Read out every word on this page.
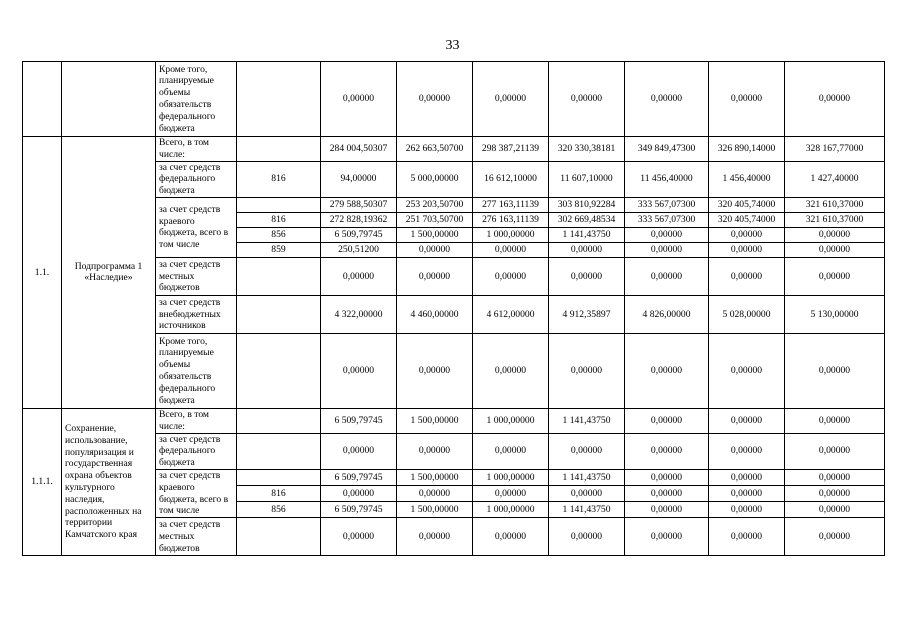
33
		Кроме того, планируемые объемы обязательств федерального бюджета		0,00000	0,00000	0,00000	0,00000	0,00000	0,00000	0,00000
1.1.	Подпрограмма 1 «Наследие»	Всего, в том числе:		284 004,50307	262 663,50700	298 387,21139	320 330,38181	349 849,47300	326 890,14000	328 167,77000
		за счет средств федерального бюджета	816	94,00000	5 000,00000	16 612,10000	11 607,10000	11 456,40000	1 456,40000	1 427,40000
		за счет средств краевого бюджета, всего в том числе		279 588,50307	253 203,50700	277 163,11139	303 810,92284	333 567,07300	320 405,74000	321 610,37000
			816	272 828,19362	251 703,50700	276 163,11139	302 669,48534	333 567,07300	320 405,74000	321 610,37000
			856	6 509,79745	1 500,00000	1 000,00000	1 141,43750	0,00000	0,00000	0,00000
			859	250,51200	0,00000	0,00000	0,00000	0,00000	0,00000	0,00000
		за счет средств местных бюджетов		0,00000	0,00000	0,00000	0,00000	0,00000	0,00000	0,00000
		за счет средств внебюджетных источников		4 322,00000	4 460,00000	4 612,00000	4 912,35897	4 826,00000	5 028,00000	5 130,00000
		Кроме того, планируемые объемы обязательств федерального бюджета		0,00000	0,00000	0,00000	0,00000	0,00000	0,00000	0,00000
1.1.1.	Сохранение, использование, популяризация и государственная охрана объектов культурного наследия, расположенных на территории Камчатского края	Всего, в том числе:		6 509,79745	1 500,00000	1 000,00000	1 141,43750	0,00000	0,00000	0,00000
		за счет средств федерального бюджета		0,00000	0,00000	0,00000	0,00000	0,00000	0,00000	0,00000
		за счет средств краевого бюджета, всего в том числе		6 509,79745	1 500,00000	1 000,00000	1 141,43750	0,00000	0,00000	0,00000
			816	0,00000	0,00000	0,00000	0,00000	0,00000	0,00000	0,00000
			856	6 509,79745	1 500,00000	1 000,00000	1 141,43750	0,00000	0,00000	0,00000
		за счет средств местных бюджетов		0,00000	0,00000	0,00000	0,00000	0,00000	0,00000	0,00000
